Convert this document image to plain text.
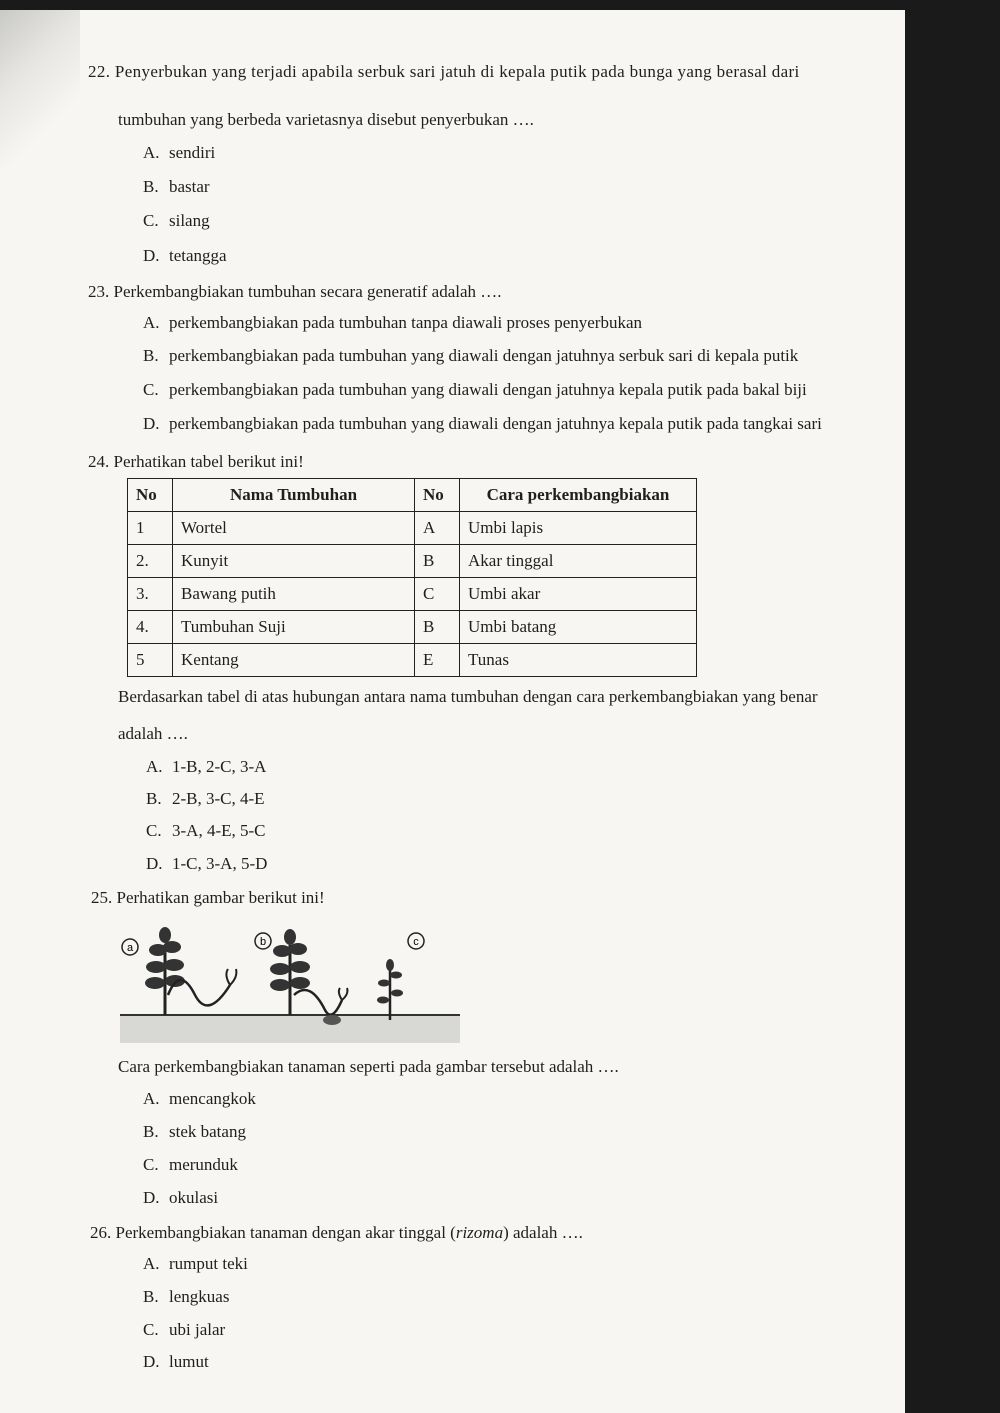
22. Penyerbukan yang terjadi apabila serbuk sari jatuh di kepala putik pada bunga yang berasal dari
tumbuhan yang berbeda varietasnya disebut penyerbukan ….
A. sendiri
B. bastar
C. silang
D. tetangga
23. Perkembangbiakan tumbuhan secara generatif adalah ….
A. perkembangbiakan pada tumbuhan tanpa diawali proses penyerbukan
B. perkembangbiakan pada tumbuhan yang diawali dengan jatuhnya serbuk sari di kepala putik
C. perkembangbiakan pada tumbuhan yang diawali dengan jatuhnya kepala putik pada bakal biji
D. perkembangbiakan pada tumbuhan yang diawali dengan jatuhnya kepala putik pada tangkai sari
24. Perhatikan tabel berikut ini!
No	Nama Tumbuhan	No	Cara perkembangbiakan
1	Wortel	A	Umbi lapis
2.	Kunyit	B	Akar tinggal
3.	Bawang putih	C	Umbi akar
4.	Tumbuhan Suji	B	Umbi batang
5	Kentang	E	Tunas
Berdasarkan tabel di atas hubungan antara nama tumbuhan dengan cara perkembangbiakan yang benar
adalah ….
A. 1-B, 2-C, 3-A
B. 2-B, 3-C, 4-E
C. 3-A, 4-E, 5-C
D. 1-C, 3-A, 5-D
25. Perhatikan gambar berikut ini!
a	b	c
Cara perkembangbiakan tanaman seperti pada gambar tersebut adalah ….
A. mencangkok
B. stek batang
C. merunduk
D. okulasi
26. Perkembangbiakan tanaman dengan akar tinggal (rizoma) adalah ….
A. rumput teki
B. lengkuas
C. ubi jalar
D. lumut
